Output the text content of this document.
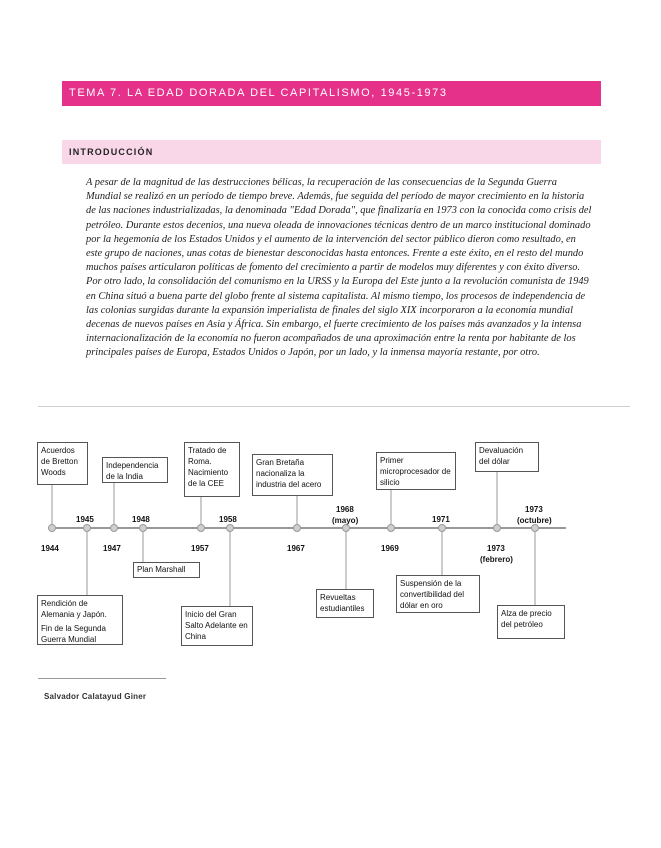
TEMA 7. LA EDAD DORADA DEL CAPITALISMO, 1945-1973
INTRODUCCIÓN

A pesar de la magnitud de las destrucciones bélicas, la recuperación de las consecuencias de la Segunda Guerra Mundial se realizó en un período de tiempo breve. Además, fue seguida del período de mayor crecimiento en la historia de las naciones industrializadas, la denominada "Edad Dorada", que finalizaría en 1973 con la conocida como crisis del petróleo. Durante estos decenios, una nueva oleada de innovaciones técnicas dentro de un marco institucional dominado por la hegemonía de los Estados Unidos y el aumento de la intervención del sector público dieron como resultado, en este grupo de naciones, unas cotas de bienestar desconocidas hasta entonces. Frente a este éxito, en el resto del mundo muchos países articularon políticas de fomento del crecimiento a partir de modelos muy diferentes y con éxito diverso. Por otro lado, la consolidación del comunismo en la URSS y la Europa del Este junto a la revolución comunista de 1949 en China situó a buena parte del globo frente al sistema capitalista. Al mismo tiempo, los procesos de independencia de las colonias surgidas durante la expansión imperialista de finales del siglo XIX incorporaron a la economía mundial decenas de nuevos países en Asia y África. Sin embargo, el fuerte crecimiento de los países más avanzados y la intensa internacionalización de la economía no fueron acompañados de una aproximación entre la renta por habitante de los principales países de Europa, Estados Unidos o Japón, por un lado, y la inmensa mayoría restante, por otro.

1944
1945
1947
1948
1957
1958
1967
1968
(mayo)
1969
1971
1973
(febrero)
1973
(octubre)
Acuerdos de Bretton Woods
Rendición de Alemania y Japón.
Fin de la Segunda Guerra Mundial
Independencia de la India
Plan Marshall
Tratado de Roma. Nacimiento de la CEE
Inicio del Gran Salto Adelante en China
Gran Bretaña nacionaliza la industria del acero
Revueltas estudiantiles
Primer microprocesador de silicio
Suspensión de la convertibilidad del dólar en oro
Devaluación del dólar
Alza de precio del petróleo
Salvador Calatayud Giner
